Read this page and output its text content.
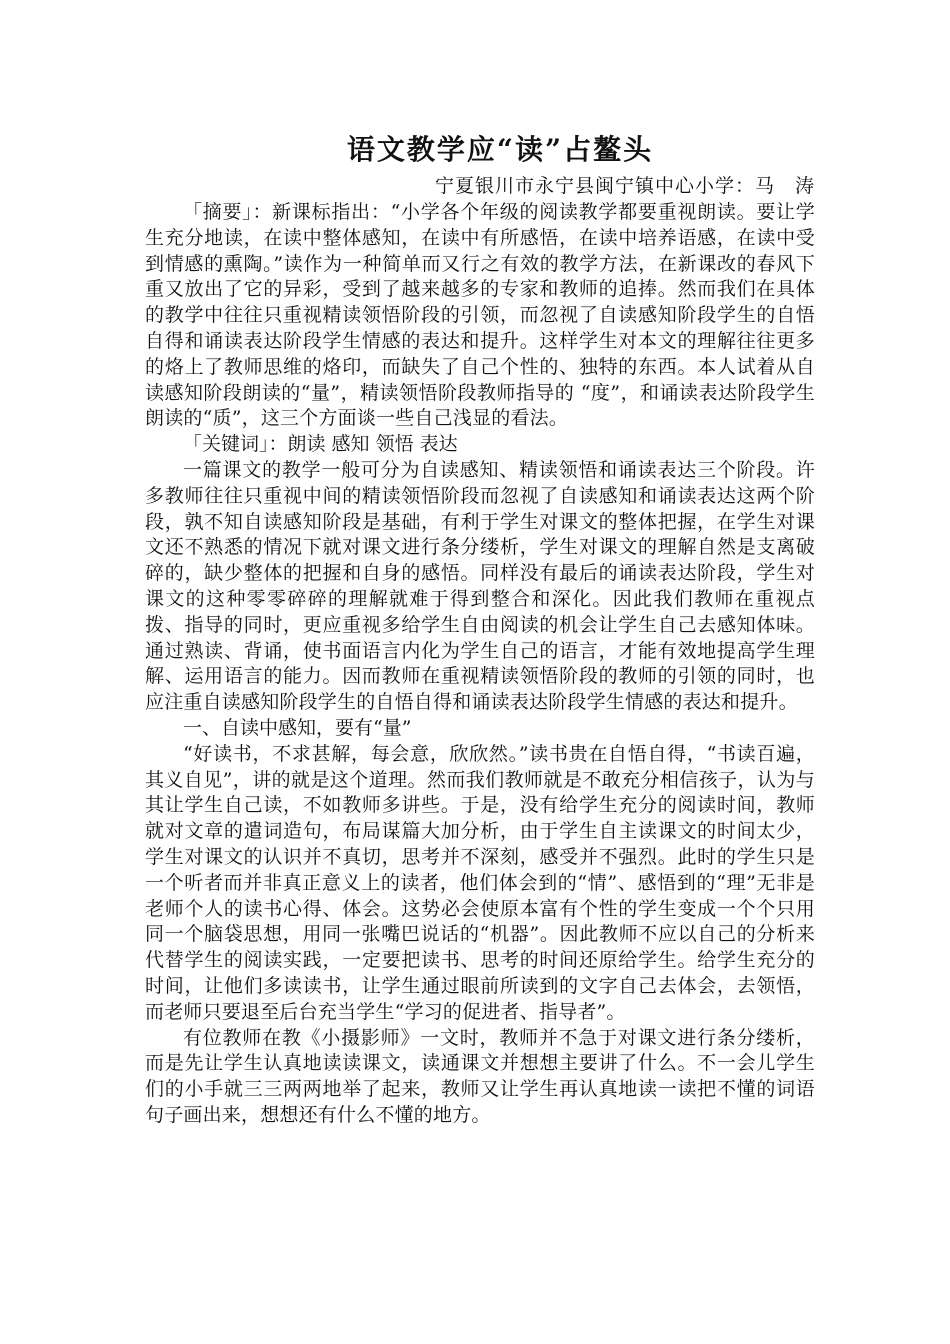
语文教学应“读”占鳌头

宁夏银川市永宁县闽宁镇中心小学：马　涛

「摘要」：新课标指出：“小学各个年级的阅读教学都要重视朗读。要让学生充分地读，在读中整体感知，在读中有所感悟，在读中培养语感，在读中受到情感的熏陶。”读作为一种简单而又行之有效的教学方法，在新课改的春风下重又放出了它的异彩，受到了越来越多的专家和教师的追捧。然而我们在具体的教学中往往只重视精读领悟阶段的引领，而忽视了自读感知阶段学生的自悟自得和诵读表达阶段学生情感的表达和提升。这样学生对本文的理解往往更多的烙上了教师思维的烙印，而缺失了自己个性的、独特的东西。本人试着从自读感知阶段朗读的“量”，精读领悟阶段教师指导的 “度”，和诵读表达阶段学生朗读的“质”，这三个方面谈一些自己浅显的看法。

「关键词」：朗读 感知 领悟 表达

一篇课文的教学一般可分为自读感知、精读领悟和诵读表达三个阶段。许多教师往往只重视中间的精读领悟阶段而忽视了自读感知和诵读表达这两个阶段，孰不知自读感知阶段是基础，有利于学生对课文的整体把握，在学生对课文还不熟悉的情况下就对课文进行条分缕析，学生对课文的理解自然是支离破碎的，缺少整体的把握和自身的感悟。同样没有最后的诵读表达阶段，学生对课文的这种零零碎碎的理解就难于得到整合和深化。因此我们教师在重视点拨、指导的同时，更应重视多给学生自由阅读的机会让学生自己去感知体味。通过熟读、背诵，使书面语言内化为学生自己的语言，才能有效地提高学生理解、运用语言的能力。因而教师在重视精读领悟阶段的教师的引领的同时，也应注重自读感知阶段学生的自悟自得和诵读表达阶段学生情感的表达和提升。

一、自读中感知，要有“量”

“好读书，不求甚解，每会意，欣欣然。”读书贵在自悟自得，“书读百遍，其义自见”，讲的就是这个道理。然而我们教师就是不敢充分相信孩子，认为与其让学生自己读，不如教师多讲些。于是，没有给学生充分的阅读时间，教师就对文章的遣词造句，布局谋篇大加分析，由于学生自主读课文的时间太少，学生对课文的认识并不真切，思考并不深刻，感受并不强烈。此时的学生只是一个听者而并非真正意义上的读者，他们体会到的“情”、感悟到的“理”无非是老师个人的读书心得、体会。这势必会使原本富有个性的学生变成一个个只用同一个脑袋思想，用同一张嘴巴说话的“机器”。因此教师不应以自己的分析来代替学生的阅读实践，一定要把读书、思考的时间还原给学生。给学生充分的时间，让他们多读读书，让学生通过眼前所读到的文字自己去体会，去领悟，而老师只要退至后台充当学生“学习的促进者、指导者”。

有位教师在教《小摄影师》一文时，教师并不急于对课文进行条分缕析，而是先让学生认真地读读课文，读通课文并想想主要讲了什么。不一会儿学生们的小手就三三两两地举了起来，教师又让学生再认真地读一读把不懂的词语句子画出来，想想还有什么不懂的地方。
